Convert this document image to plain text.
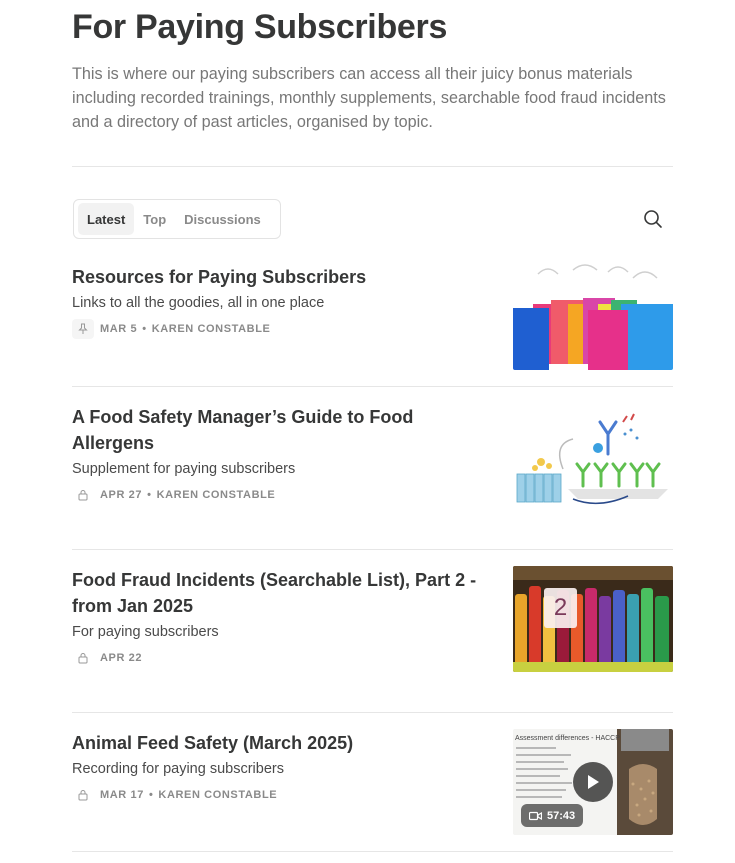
For Paying Subscribers

This is where our paying subscribers can access all their juicy bonus materials including recorded trainings, monthly supplements, searchable food fraud incidents and a directory of past articles, organised by topic.

Latest	Top	Discussions
Resources for Paying Subscribers
Links to all the goodies, all in one place
MAR 5 • KAREN CONSTABLE
A Food Safety Manager’s Guide to Food Allergens
Supplement for paying subscribers
APR 27 • KAREN CONSTABLE
Food Fraud Incidents (Searchable List), Part 2 - from Jan 2025
For paying subscribers
APR 22
2
Animal Feed Safety (March 2025)
Recording for paying subscribers
MAR 17 • KAREN CONSTABLE
Assessment differences - HACCP
57:43
